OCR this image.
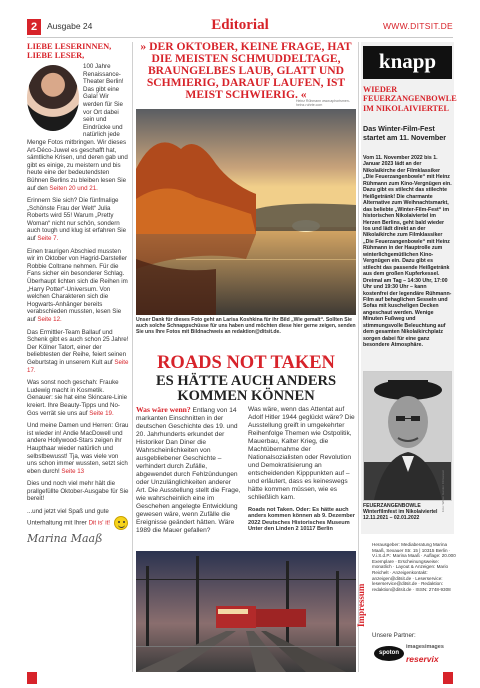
2	Ausgabe 24	Editorial	WWW.DITSIT.DE
LIEBE LESERINNEN, LIEBE LESER,

100 Jahre Renaissance-Theater Berlin! Das gibt eine Gala! Wir werden für Sie vor Ort dabei sein und Eindrücke und natürlich jede Menge Fotos mitbringen. Wir dieses Art-Déco-Juwel es geschafft hat, sämtliche Krisen, und deren gab und gibt es einige, zu meistern und bis heute eine der bedeutendsten Bühnen Berlins zu bleiben lesen Sie auf den Seiten 20 und 21.

Erinnern Sie sich? Die fünfmalige „Schönste Frau der Welt“ Julia Roberts wird 55! Warum „Pretty Woman“ nicht nur schön, sondern auch tough und klug ist erfahren Sie auf Seite 7.

Einen traurigen Abschied mussten wir im Oktober von Hagrid-Darsteller Robbie Coltrane nehmen. Für die Fans sicher ein besonderer Schlag. Überhaupt lichten sich die Reihen im „Harry Potter“-Universum. Von welchen Charakteren sich die Hogwarts-Anhänger bereits verabschieden mussten, lesen Sie auf Seite 12.

Das Ermittler-Team Ballauf und Schenk gibt es auch schon 25 Jahre! Der Kölner Tatort, einer der beliebtesten der Reihe, feiert seinen Geburtstag in unserem Kult auf Seite 17.

Was sonst noch geschah: Frauke Ludewig macht in Kosmetik. Genauer: sie hat eine Skincare-Linie kreiert. Ihre Beauty-Tipps und No-Gos verrät sie uns auf Seite 19.

Und meine Damen und Herren: Grau ist wieder in! Andie MacDowell und andere Hollywood-Stars zeigen ihr Haupthaar wieder natürlich und selbstbewusst! Tja, was viele von uns schon immer wussten, setzt sich eben durch! Seite 13

Dies und noch viel mehr hält die prallgefüllte Oktober-Ausgabe für Sie bereit!

...und jetzt viel Spaß und gute Unterhaltung mit Ihrer Dit is' it!

Marina Maaß
» DER OKTOBER, KEINE FRAGE, HAT DIE MEISTEN SCHMUDDELTAGE, BRAUNGELBES LAUB, GLATT UND SCHMIERIG, DARAUF LAUFEN, IST MEIST SCHWIERIG. «
Heinz Rühmann www.aphorismen-heinz-ruhrte.com
Unser Dank für dieses Foto geht an Larisa Koshkina für ihr Bild „Wie gemalt“. Sollten Sie auch solche Schnappschüsse für uns haben und möchten diese hier gerne zeigen, senden Sie uns Ihre Fotos mit Bildnachweis an redaktion@ditsit.de.
ROADS NOT TAKEN
ES HÄTTE AUCH ANDERS KOMMEN KÖNNEN
Was wäre wenn? Entlang von 14 markanten Einschnitten in der deutschen Geschichte des 19. und 20. Jahrhunderts erkundet der Historiker Dan Diner die Wahrscheinlichkeiten von ausgebliebener Geschichte – verhindert durch Zufälle, abgewendet durch Fehlzündungen oder Unzulänglichkeiten anderer Art. Die Ausstellung stellt die Frage, wie wahrscheinlich eine im Geschehen angelegte Entwicklung gewesen wäre, wenn Zufälle die Ereignisse geändert hätten. Wäre 1989 die Mauer gefallen?
Was wäre, wenn das Attentat auf Adolf Hitler 1944 geglückt wäre? Die Ausstellung greift in umgekehrter Reihenfolge Themen wie Ostpolitik, Mauerbau, Kalter Krieg, die Machtübernahme der Nationalsozialisten oder Revolution und Demokratisierung an entscheidenden Kipppunkten auf – und erläutert, dass es keineswegs hätte kommen müssen, wie es schließlich kam.
Roads not Taken. Oder: Es hätte auch anders kommen können ab 9. Dezember 2022 Deutsches Historisches Museum Unter den Linden 2 10117 Berlin
knapp
WIEDER FEUERZANGENBOWLE IM NIKOLAIVIERTEL
Das Winter-Film-Fest startet am 11. November
Vom 11. November 2022 bis 1. Januar 2023 lädt an der Nikolaikirche der Filmklassiker „Die Feuerzangenbowle“ mit Heinz Rühmann zum Kino-Vergnügen ein. Dazu gibt es stilecht das stilechte Heißgetränk! Die charmante Alternative zum Weihnachtsmarkt, das beliebte „Winter-Film-Fest“ im historischen Nikolaiviertel im Herzen Berlins, geht bald wieder los und lädt direkt an der Nikolaikirche zum Filmklassiker „Die Feuerzangenbowle“ mit Heinz Rühmann in der Hauptrolle zum winterlichgemütlichen Kino-Vergnügen ein. Dazu gibt es stilecht das passende Heißgetränk aus dem großen Kupferkessel. Dreimal am Tag – 14:30 Uhr, 17:00 Uhr und 19:30 Uhr – kann kostenfrei der legendäre Rühmann-Film auf behaglichen Sesseln und Sofas mit kuscheligen Decken angeschaut werden. Wenige Minuten Fußweg und stimmungsvolle Beleuchtung auf dem gesamten Nikolaikirchplatz sorgen dabei für eine ganz besondere Atmosphäre.
Foto: Winter Garden Filmsessel
FEUERZANGENBOWLE Winterfilmfest im Nikolaiviertel
12.11.2021 – 02.01.2022
Impressum
Herausgeber: Mediaberatung Marina Maaß, Sexauer Str. 15 | 10315 Berlin · V.i.S.d.P.: Marina Maaß · Auflage: 20.000 Exemplare · Erscheinungsweise: monatlich · Layout & Anzeigen: Mario Reichelt · Anzeigenkontakt: anzeigen@ditsit.de · Leserservice: leserservice@ditsit.de · Redaktion: redaktion@ditsit.de · ISSN: 2748-9308
Unsere Partner:
spoton
imagesimages
reservix
